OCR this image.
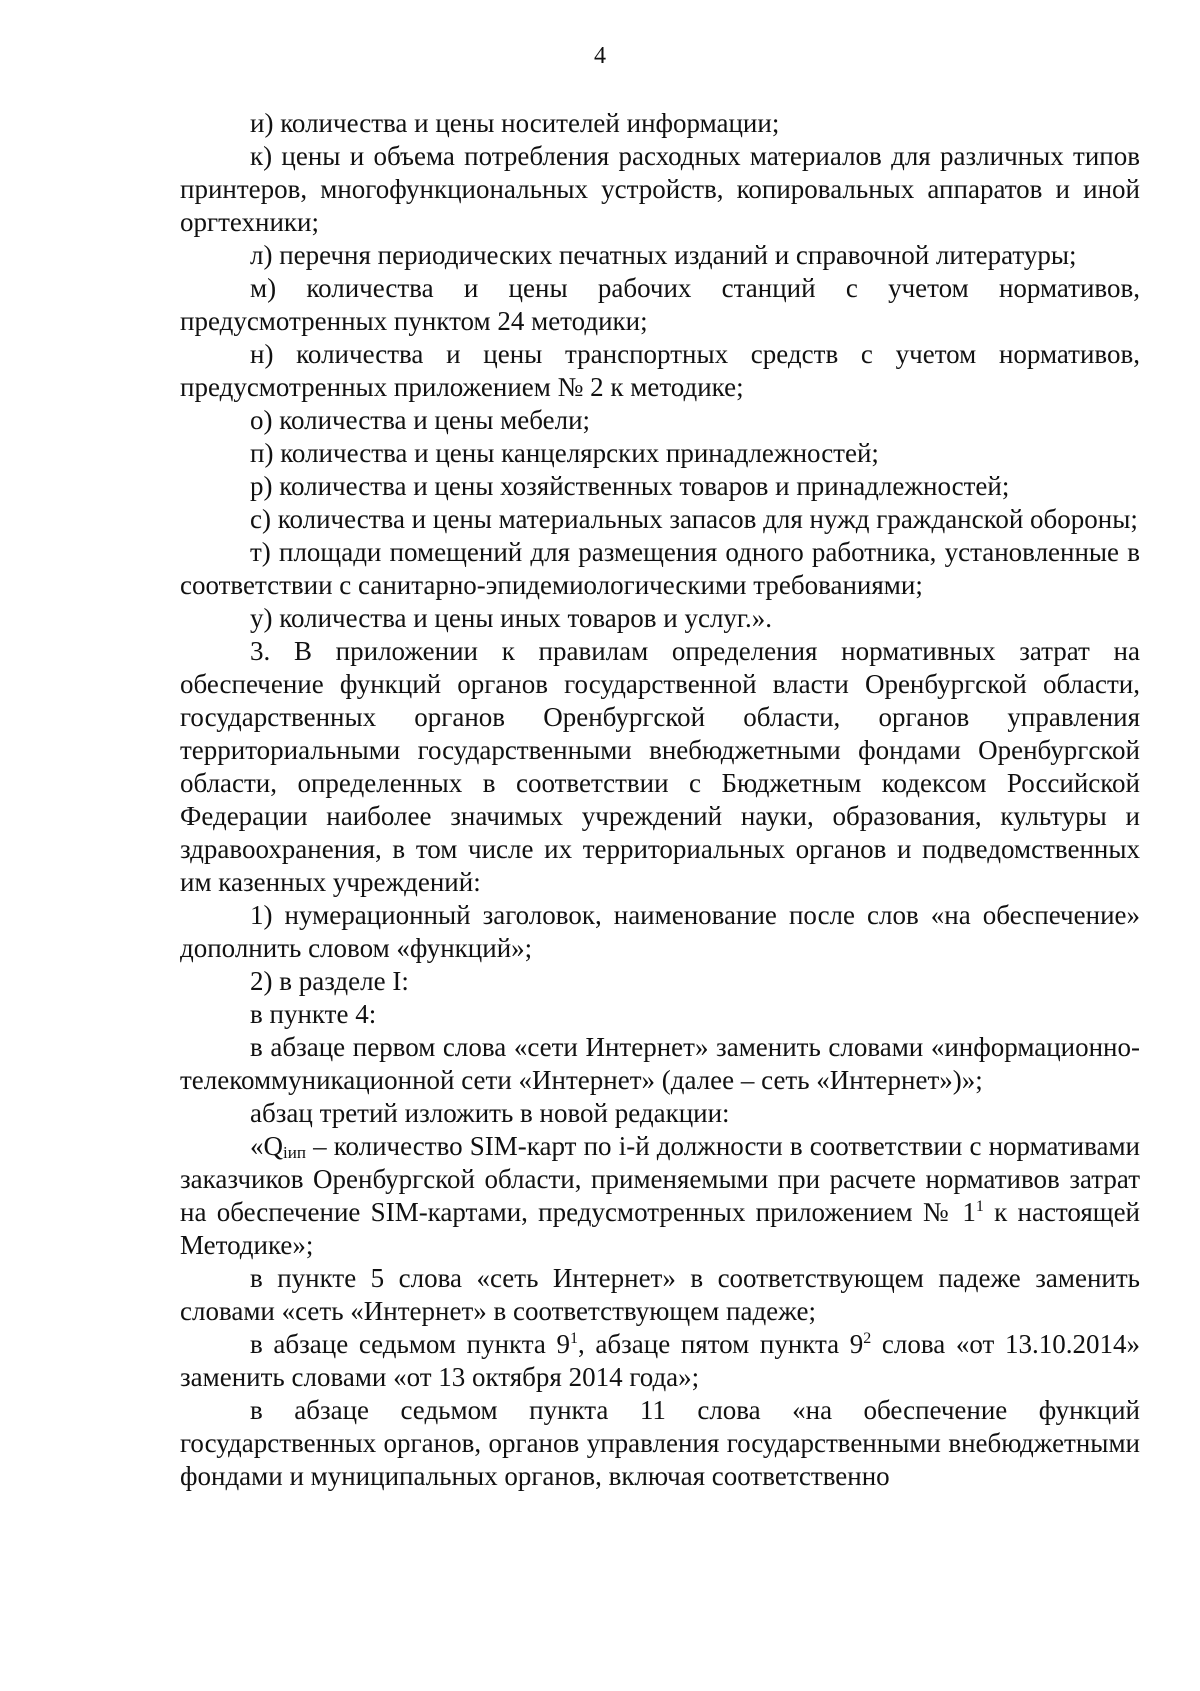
4

и) количества и цены носителей информации;

к) цены и объема потребления расходных материалов для различных типов принтеров, многофункциональных устройств, копировальных аппаратов и иной оргтехники;

л) перечня периодических печатных изданий и справочной литературы;

м) количества и цены рабочих станций с учетом нормативов, предусмотренных пунктом 24 методики;

н) количества и цены транспортных средств с учетом нормативов, предусмотренных приложением № 2 к методике;

о) количества и цены мебели;

п) количества и цены канцелярских принадлежностей;

р) количества и цены хозяйственных товаров и принадлежностей;

с) количества и цены материальных запасов для нужд гражданской обороны;

т) площади помещений для размещения одного работника, установленные в соответствии с санитарно-эпидемиологическими требованиями;

у) количества и цены иных товаров и услуг.».

3. В приложении к правилам определения нормативных затрат на обеспечение функций органов государственной власти Оренбургской области, государственных органов Оренбургской области, органов управления территориальными государственными внебюджетными фондами Оренбургской области, определенных в соответствии с Бюджетным кодексом Российской Федерации наиболее значимых учреждений науки, образования, культуры и здравоохранения, в том числе их территориальных органов и подведомственных им казенных учреждений:

1) нумерационный заголовок, наименование после слов «на обеспечение» дополнить словом «функций»;

2) в разделе I:

в пункте 4:

в абзаце первом слова «сети Интернет» заменить словами «информационно-телекоммуникационной сети «Интернет» (далее – сеть «Интернет»)»;

абзац третий изложить в новой редакции:

«$Q_{iип}$ – количество SIM-карт по i-й должности в соответствии с нормативами заказчиков Оренбургской области, применяемыми при расчете нормативов затрат на обеспечение SIM-картами, предусмотренных приложением № $1^1$ к настоящей Методике»;

в пункте 5 слова «сеть Интернет» в соответствующем падеже заменить словами «сеть «Интернет» в соответствующем падеже;

в абзаце седьмом пункта $9^1$, абзаце пятом пункта $9^2$ слова «от 13.10.2014» заменить словами «от 13 октября 2014 года»;

в абзаце седьмом пункта 11 слова «на обеспечение функций государственных органов, органов управления государственными внебюджетными фондами и муниципальных органов, включая соответственно
